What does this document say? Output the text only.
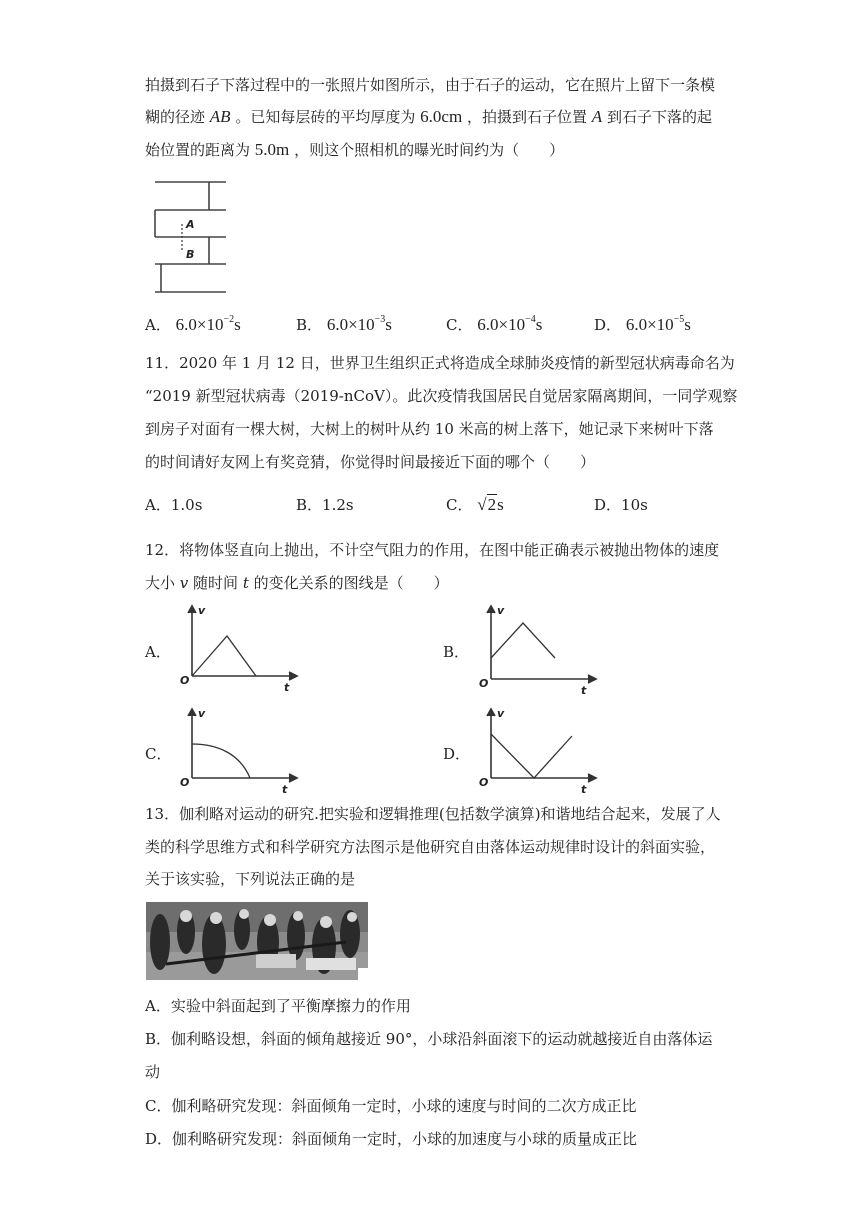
拍摄到石子下落过程中的一张照片如图所示，由于石子的运动，它在照片上留下一条模
糊的径迹 AB 。已知每层砖的平均厚度为 6.0cm ，拍摄到石子位置 A 到石子下落的起
始位置的距离为 5.0m ，则这个照相机的曝光时间约为（　　）
A
B
A． $6.0\times 10^{-2}s$	B． $6.0\times 10^{-3}s$	C． $6.0\times 10^{-4}s$	D． $6.0\times 10^{-5}s$
11．2020 年 1 月 12 日，世界卫生组织正式将造成全球肺炎疫情的新型冠状病毒命名为
“2019 新型冠状病毒（2019-nCoV）。此次疫情我国居民自觉居家隔离期间，一同学观察
到房子对面有一棵大树，大树上的树叶从约 10 米高的树上落下，她记录下来树叶下落
的时间请好友网上有奖竞猜，你觉得时间最接近下面的哪个（　　）
A．1.0s	B．1.2s	C． √2s	D．10s
12．将物体竖直向上抛出，不计空气阻力的作用，在图中能正确表示被抛出物体的速度
大小 v 随时间 t 的变化关系的图线是（　　）
A．	B．
C．	D．
v
O
t
v
O
t
v
O
t
v
O
t
13．伽利略对运动的研究.把实验和逻辑推理(包括数学演算)和谐地结合起来，发展了人
类的科学思维方式和科学研究方法图示是他研究自由落体运动规律时设计的斜面实验，
关于该实验，下列说法正确的是
A．实验中斜面起到了平衡摩擦力的作用
B．伽利略设想，斜面的倾角越接近 90°，小球沿斜面滚下的运动就越接近自由落体运
动
C．伽利略研究发现：斜面倾角一定时，小球的速度与时间的二次方成正比
D．伽利略研究发现：斜面倾角一定时，小球的加速度与小球的质量成正比
